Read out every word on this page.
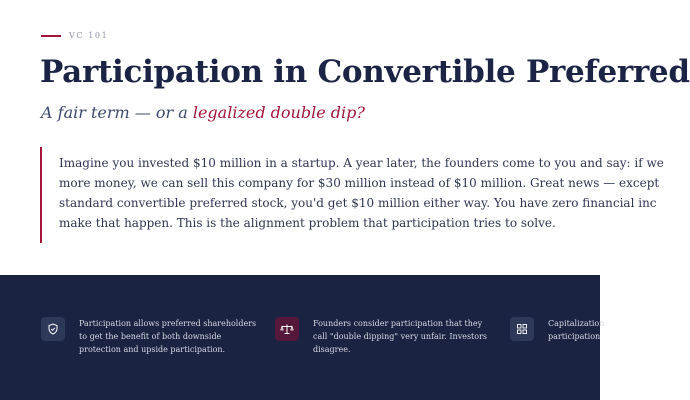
VC 101
Participation in Convertible Preferred

A fair term — or a legalized double dip?

Imagine you invested $10 million in a startup. A year later, the founders come to you and say: if we

more money, we can sell this company for $30 million instead of $10 million. Great news — except

standard convertible preferred stock, you'd get $10 million either way. You have zero financial inc

make that happen. This is the alignment problem that participation tries to solve.

Participation allows preferred shareholders

to get the benefit of both downside

protection and upside participation.

Founders consider participation that they

call "double dipping" very unfair. Investors

disagree.

Capitalization

participation
